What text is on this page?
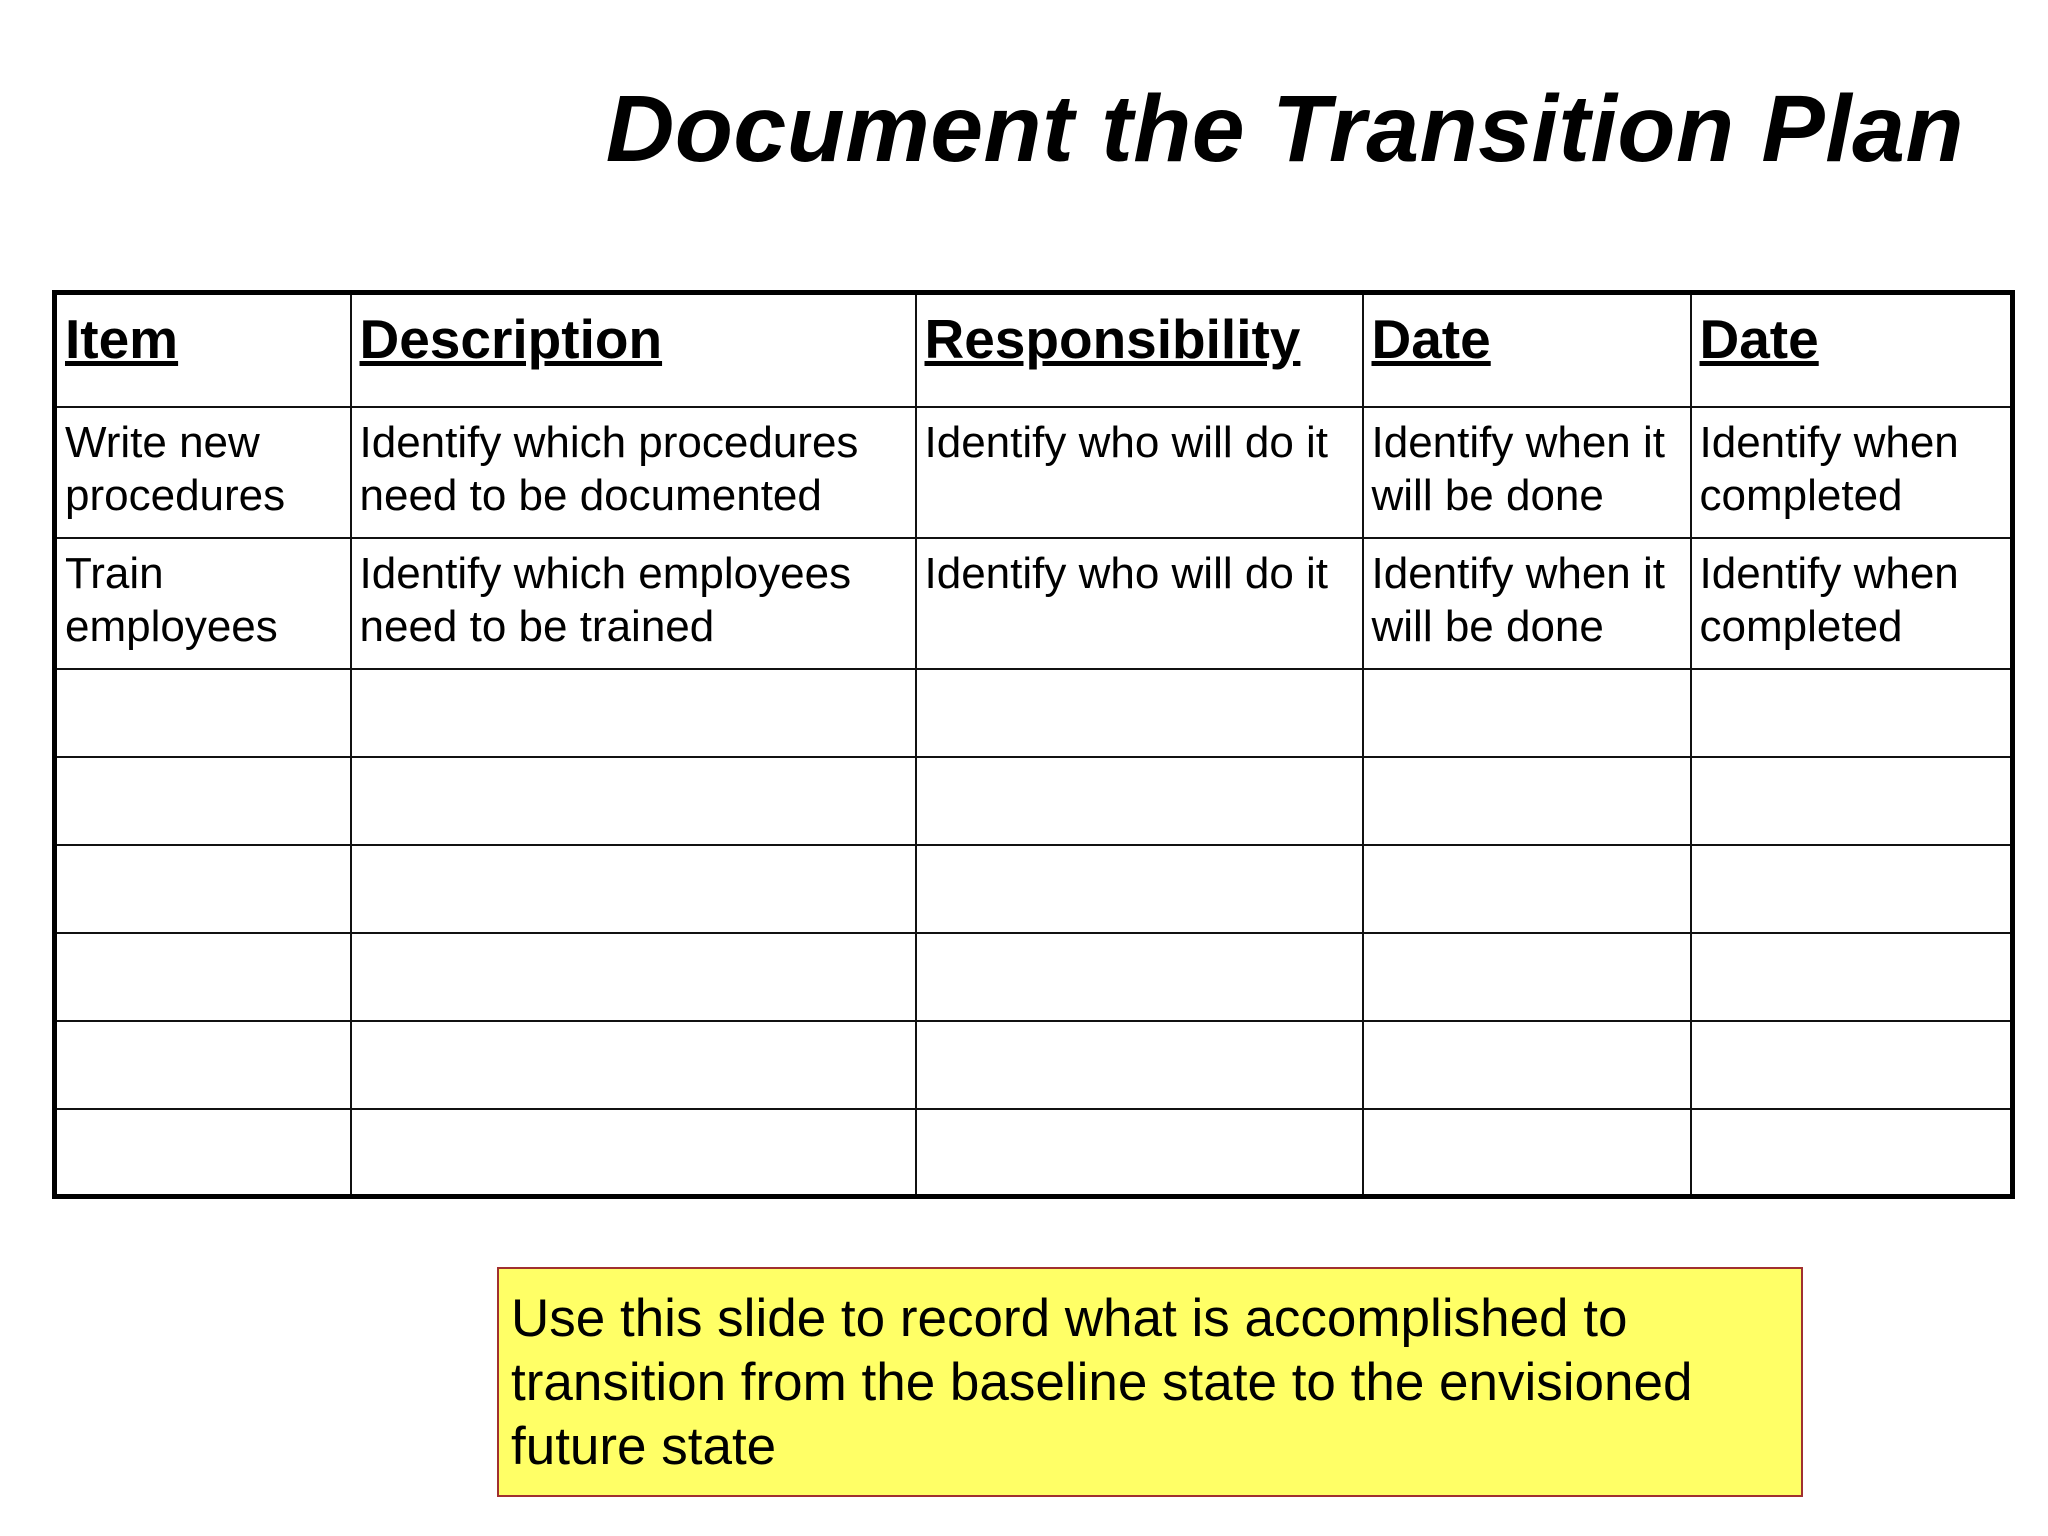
Document the Transition Plan
Item	Description	Responsibility	Date	Date
Write new procedures	Identify which procedures need to be documented	Identify who will do it	Identify when it will be done	Identify when completed
Train employees	Identify which employees need to be trained	Identify who will do it	Identify when it will be done	Identify when completed

Use this slide to record what is accomplished to transition from the baseline state to the envisioned future state
